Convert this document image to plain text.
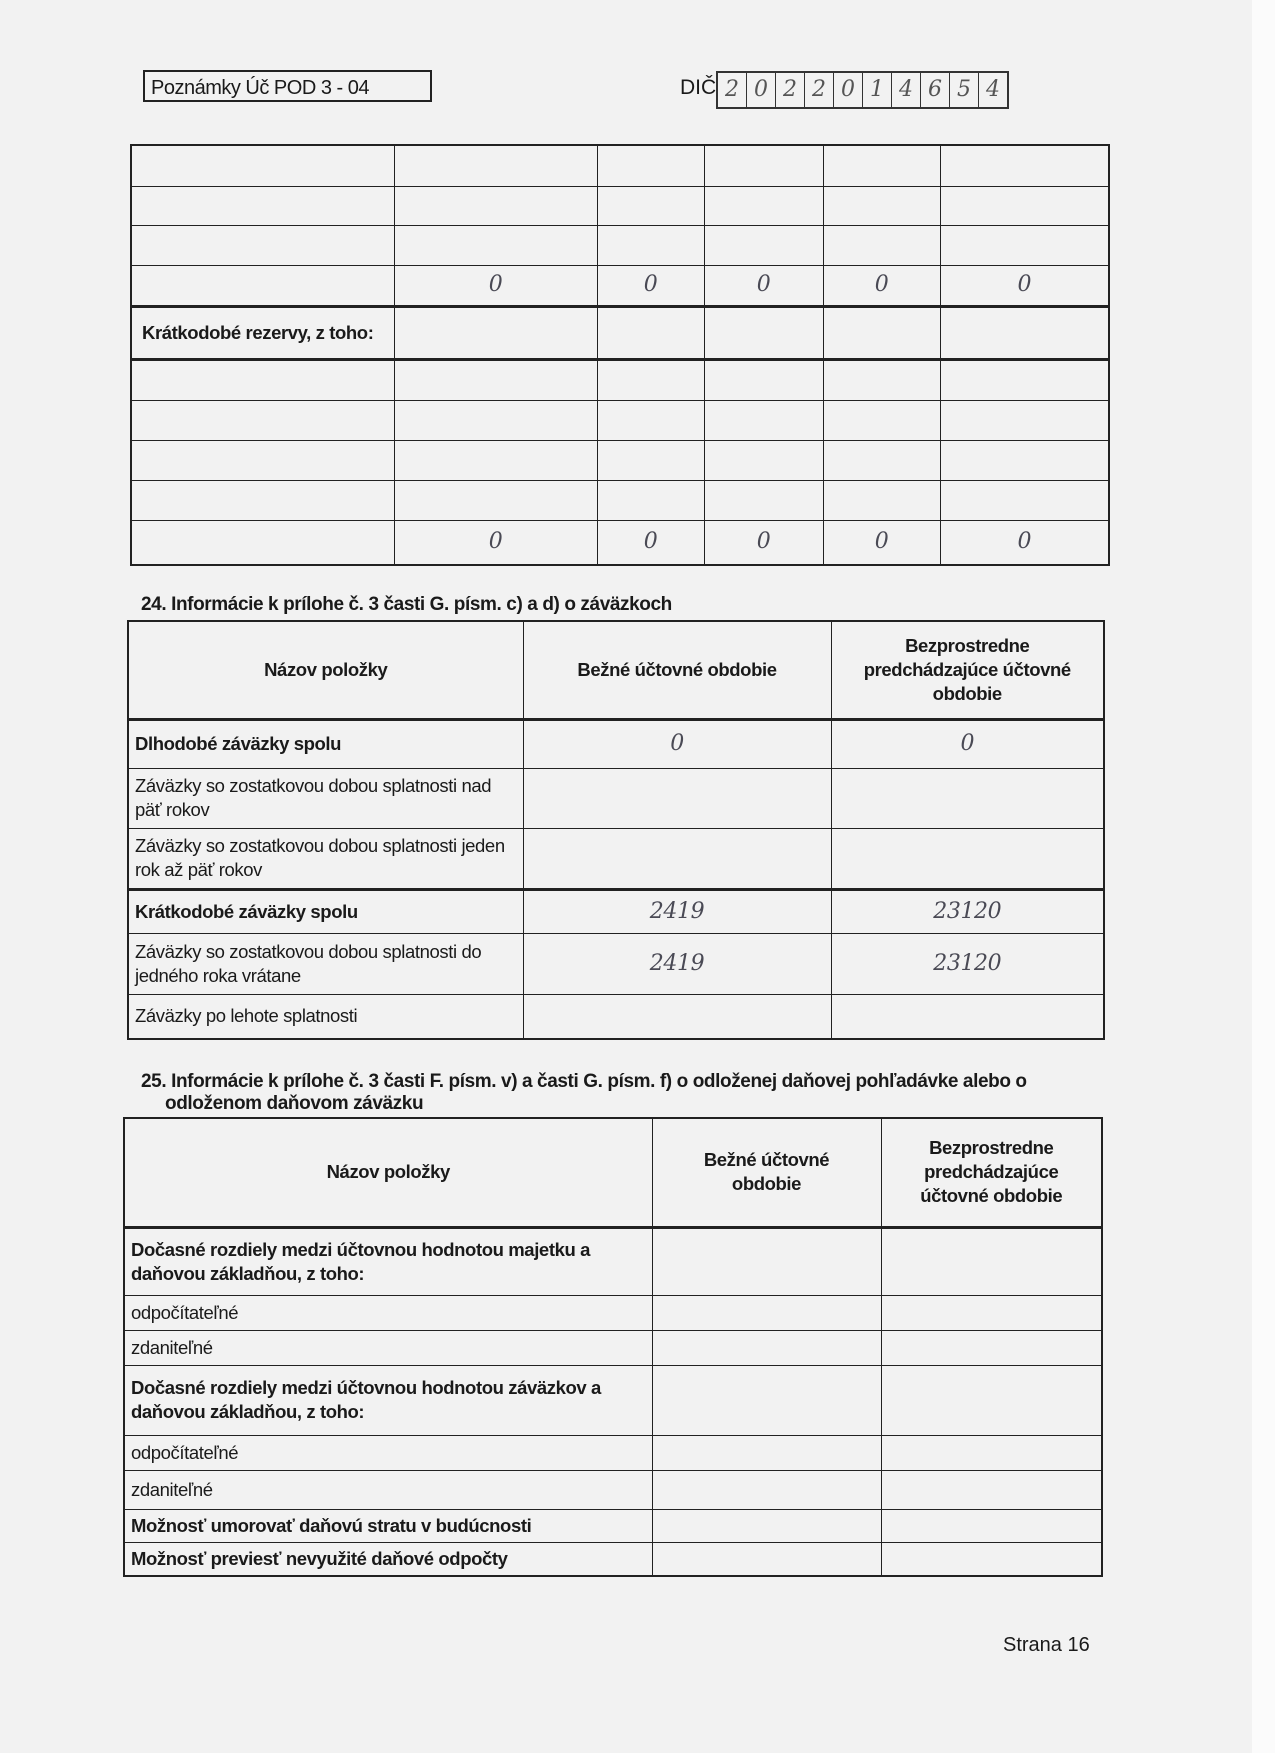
Poznámky Úč POD 3 - 04	DIČ 2 0 2 2 0 1 4 6 5 4

	0	0	0	0	0
Krátkodobé rezervy, z toho:					

	0	0	0	0	0
24. Informácie k prílohe č. 3 časti G. písm. c) a d) o záväzkoch
Názov položky	Bežné účtovné obdobie	Bezprostredne predchádzajúce účtovné obdobie
Dlhodobé záväzky spolu	0	0
Záväzky so zostatkovou dobou splatnosti nad päť rokov		
Záväzky so zostatkovou dobou splatnosti jeden rok až päť rokov		
Krátkodobé záväzky spolu	2419	23120
Záväzky so zostatkovou dobou splatnosti do jedného roka vrátane	2419	23120
Záväzky po lehote splatnosti		
25. Informácie k prílohe č. 3 časti F. písm. v) a časti G. písm. f) o odloženej daňovej pohľadávke alebo o odloženom daňovom záväzku
Názov položky	Bežné účtovné obdobie	Bezprostredne predchádzajúce účtovné obdobie
Dočasné rozdiely medzi účtovnou hodnotou majetku a daňovou základňou, z toho:		
odpočítateľné		
zdaniteľné		
Dočasné rozdiely medzi účtovnou hodnotou záväzkov a daňovou základňou, z toho:		
odpočítateľné		
zdaniteľné		
Možnosť umorovať daňovú stratu v budúcnosti		
Možnosť previesť nevyužité daňové odpočty		
Strana 16
